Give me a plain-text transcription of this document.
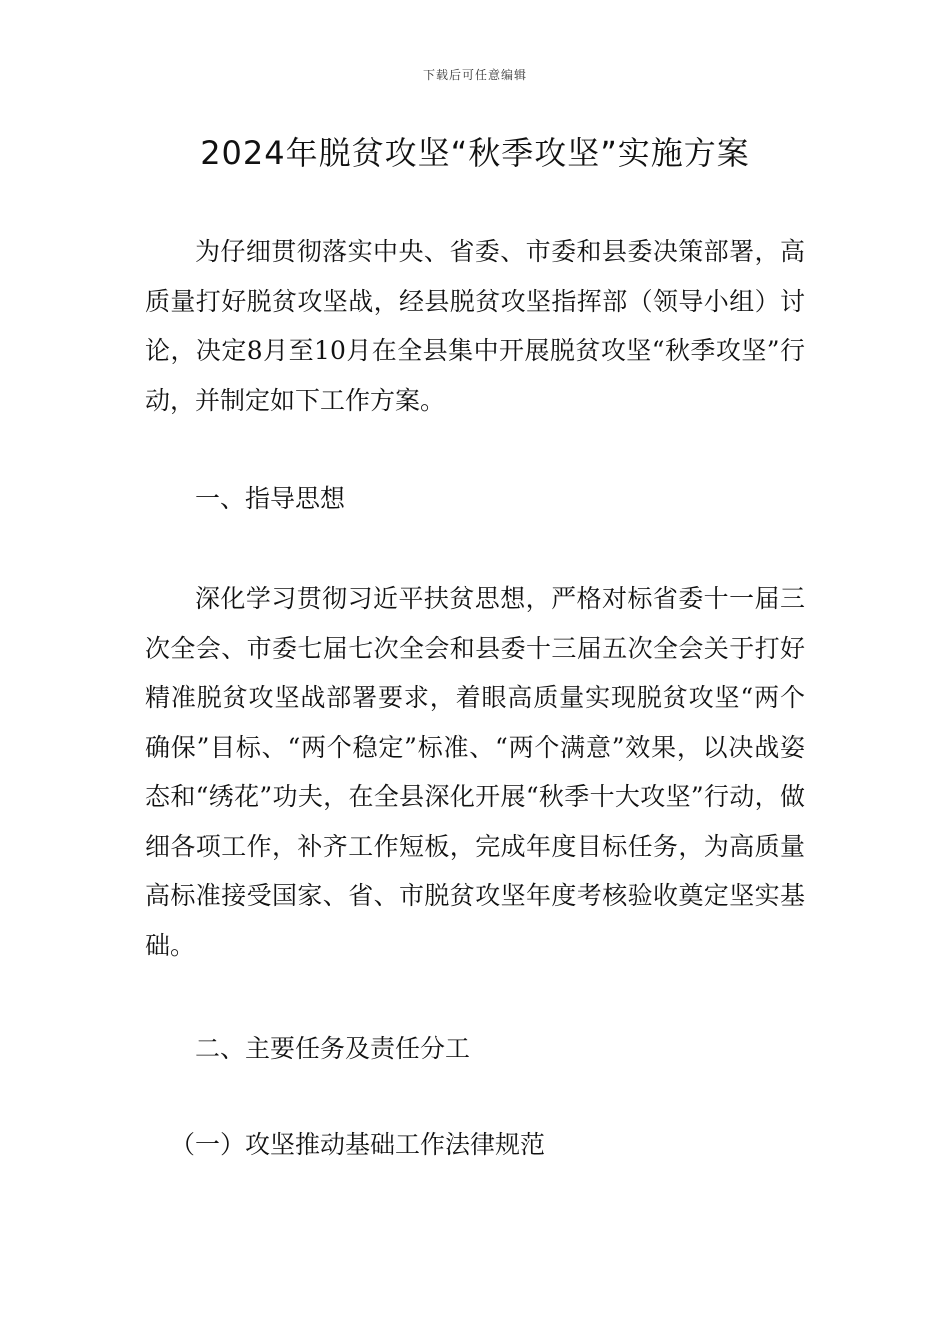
下载后可任意编辑
2024年脱贫攻坚“秋季攻坚”实施方案

为仔细贯彻落实中央、省委、市委和县委决策部署，高质量打好脱贫攻坚战，经县脱贫攻坚指挥部（领导小组）讨论，决定8月至10月在全县集中开展脱贫攻坚“秋季攻坚”行动，并制定如下工作方案。

一、指导思想

深化学习贯彻习近平扶贫思想，严格对标省委十一届三次全会、市委七届七次全会和县委十三届五次全会关于打好精准脱贫攻坚战部署要求，着眼高质量实现脱贫攻坚“两个确保”目标、“两个稳定”标准、“两个满意”效果，以决战姿态和“绣花”功夫，在全县深化开展“秋季十大攻坚”行动，做细各项工作，补齐工作短板，完成年度目标任务，为高质量高标准接受国家、省、市脱贫攻坚年度考核验收奠定坚实基础。

二、主要任务及责任分工

（一）攻坚推动基础工作法律规范
